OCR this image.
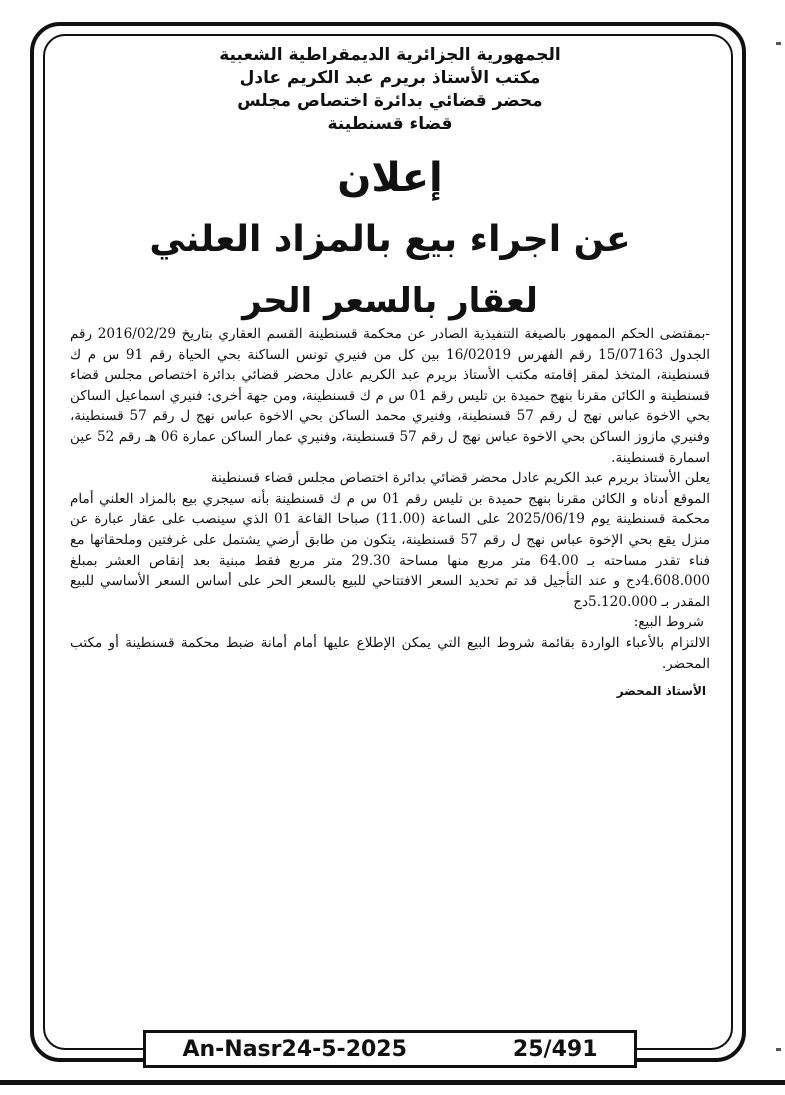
الجمهورية الجزائرية الديمقراطية الشعبية
مكتب الأستاذ بريرم عبد الكريم عادل
محضر قضائي بدائرة اختصاص مجلس
قضاء قسنطينة
إعلان
عن اجراء بيع بالمزاد العلني
لعقار بالسعر الحر

-بمقتضى الحكم الممهور بالصيغة التنفيذية الصادر عن محكمة قسنطينة القسم العقاري بتاريخ 2016/02/29 رقم الجدول 15/07163 رقم الفهرس 16/02019 بين كل من فنيري تونس الساكنة بحي الحياة رقم 91 س م ك قسنطينة، المتخذ لمقر إقامته مكتب الأستاذ بريرم عبد الكريم عادل محضر قضائي بدائرة اختصاص مجلس قضاء قسنطينة و الكائن مقرنا بنهج حميدة بن تليس رقم 01 س م ك قسنطينة، ومن جهة أخرى: فنيري اسماعيل الساكن بحي الاخوة عباس نهج ل رقم 57 قسنطينة، وفنيري محمد الساكن بحي الاخوة عباس نهج ل رقم 57 قسنطينة، وفنيري مازوز الساكن بحي الاخوة عباس نهج ل رقم 57 قسنطينة، وفنيري عمار الساكن عمارة 06 هـ رقم 52 عين اسمارة قسنطينة.

يعلن الأستاذ بريرم عبد الكريم عادل محضر قضائي بدائرة اختصاص مجلس قضاء قسنطينة

الموقع أدناه و الكائن مقرنا بنهج حميدة بن تليس رقم 01 س م ك قسنطينة بأنه سيجري بيع بالمزاد العلني أمام محكمة قسنطينة يوم 2025/06/19 على الساعة (11.00) صباحا القاعة 01 الذي سينصب على عقار عبارة عن منزل يقع بحي الإخوة عباس نهج ل رقم 57 قسنطينة، يتكون من طابق أرضي يشتمل على غرفتين وملحقاتها مع فناء تقدر مساحته بـ 64.00 متر مربع منها مساحة 29.30 متر مربع فقط مبنية بعد إنقاص العشر بمبلغ 4.608.000دج و عند التأجيل قد تم تحديد السعر الافتتاحي للبيع بالسعر الحر على أساس السعر الأساسي للبيع المقدر بـ 5.120.000دج

شروط البيع:

الالتزام بالأعباء الواردة بقائمة شروط البيع التي يمكن الإطلاع عليها أمام أمانة ضبط محكمة قسنطينة أو مكتب المحضر.

الأستاذ المحضر
An-Nasr24-5-2025	25/491
